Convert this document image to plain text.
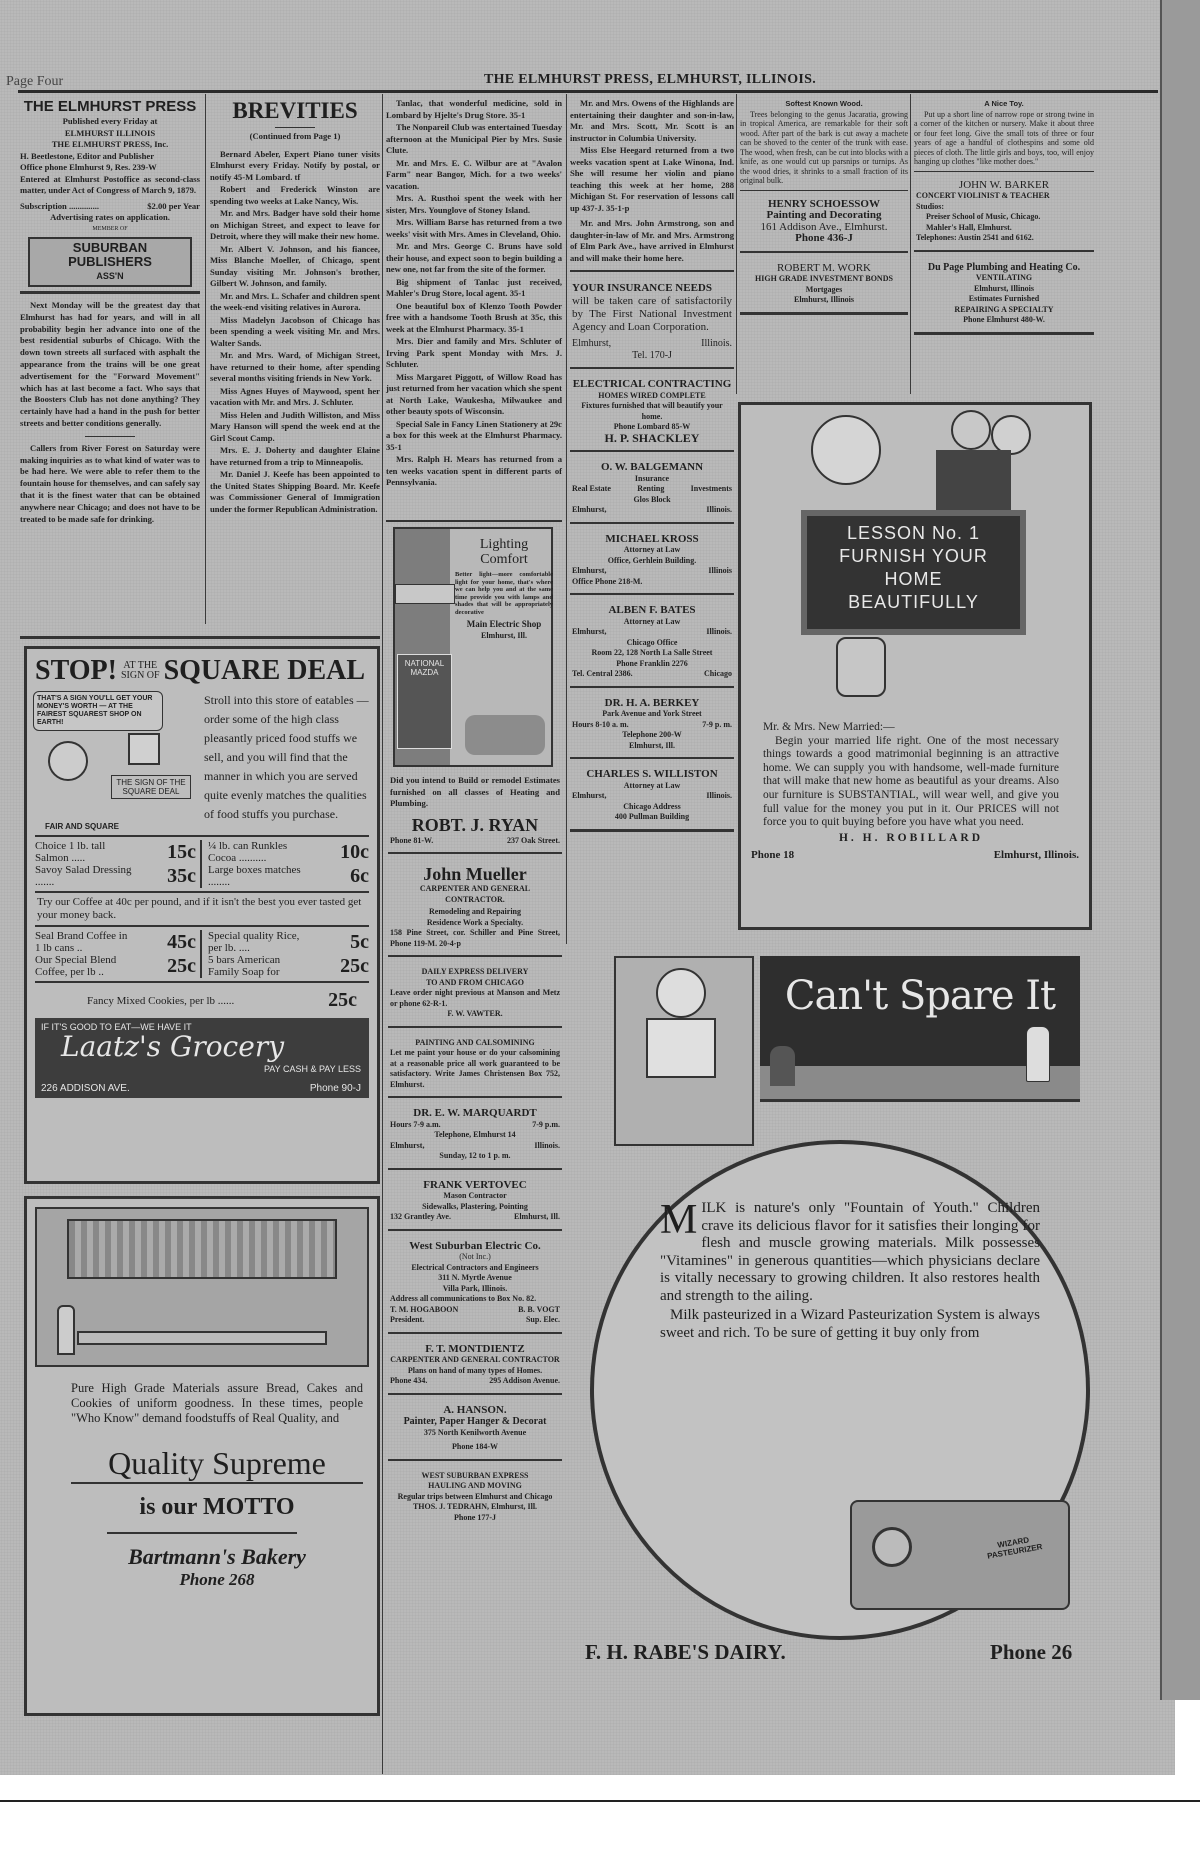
Page Four	THE ELMHURST PRESS, ELMHURST, ILLINOIS.
THE ELMHURST PRESS
Published every Friday at
ELMHURST ILLINOIS
THE ELMHURST PRESS, Inc.
H. Beetlestone, Editor and Publisher
Office phone Elmhurst 9, Res. 239-W
Entered at Elmhurst Postoffice as second-class matter, under Act of Congress of March 9, 1879.
Subscription ..............	$2.00 per Year
Advertising rates on application.
MEMBER OF
SUBURBAN
PUBLISHERS
ASS'N

Next Monday will be the greatest day that Elmhurst has had for years, and will in all probability begin her advance into one of the best residential suburbs of Chicago. With the down town streets all surfaced with asphalt the appearance from the trains will be one great advertisement for the "Forward Movement" which has at last become a fact. Who says that the Boosters Club has not done anything? They certainly have had a hand in the push for better streets and better conditions generally.

Callers from River Forest on Saturday were making inquiries as to what kind of water was to be had here. We were able to refer them to the fountain house for themselves, and can safely say that it is the finest water that can be obtained anywhere near Chicago; and does not have to be treated to be made safe for drinking.

BREVITIES
(Continued from Page 1)

Bernard Abeler, Expert Piano tuner visits Elmhurst every Friday. Notify by postal, or notify 45-M Lombard. tf

Robert and Frederick Winston are spending two weeks at Lake Nancy, Wis.

Mr. and Mrs. Badger have sold their home on Michigan Street, and expect to leave for Detroit, where they will make their new home.

Mr. Albert V. Johnson, and his fiancee, Miss Blanche Moeller, of Chicago, spent Sunday visiting Mr. Johnson's brother, Gilbert W. Johnson, and family.

Mr. and Mrs. L. Schafer and children spent the week-end visiting relatives in Aurora.

Miss Madelyn Jacobson of Chicago has been spending a week visiting Mr. and Mrs. Walter Sands.

Mr. and Mrs. Ward, of Michigan Street, have returned to their home, after spending several months visiting friends in New York.

Miss Agnes Huyes of Maywood, spent her vacation with Mr. and Mrs. J. Schluter.

Miss Helen and Judith Williston, and Miss Mary Hanson will spend the week end at the Girl Scout Camp.

Mrs. E. J. Doherty and daughter Elaine have returned from a trip to Minneapolis.

Mr. Daniel J. Keefe has been appointed to the United States Shipping Board. Mr. Keefe was Commissioner General of Immigration under the former Republican Administration.

STOP! AT THE
SIGN OF SQUARE DEAL
THAT'S A SIGN YOU'LL GET YOUR MONEY'S WORTH — AT THE FAIREST SQUAREST SHOP ON EARTH!
THE SIGN OF THE SQUARE DEAL
FAIR AND SQUARE
Stroll into this store of eatables — order some of the high class pleasantly priced food stuffs we sell, and you will find that the manner in which you are served quite evenly matches the qualities of food stuffs you purchase.
Choice 1 lb. tall Salmon .....	15c ¼ lb. can Runkles Cocoa ..........	10c
Savoy Salad Dressing .......	35c Large boxes matches ........	6c
Try our Coffee at 40c per pound, and if it isn't the best you ever tasted get your money back.
Seal Brand Coffee in 1 lb cans ..	45c Special quality Rice, per lb. ....	5c
Our Special Blend Coffee, per lb ..	25c 5 bars American Family Soap for	25c
Fancy Mixed Cookies, per lb ......	25c
IF IT'S GOOD TO EAT—WE HAVE IT
Laatz's Grocery
PAY CASH & PAY LESS
226 ADDISON AVE.	Phone 90-J
Pure High Grade Materials assure Bread, Cakes and Cookies of uniform goodness. In these times, people "Who Know" demand foodstuffs of Real Quality, and
Quality Supreme
is our MOTTO
Bartmann's Bakery
Phone 268

Tanlac, that wonderful medicine, sold in Lombard by Hjelte's Drug Store. 35-1

The Nonpareil Club was entertained Tuesday afternoon at the Municipal Pier by Mrs. Susie Clute.

Mr. and Mrs. E. C. Wilbur are at "Avalon Farm" near Bangor, Mich. for a two weeks' vacation.

Mrs. A. Rusthoi spent the week with her sister, Mrs. Younglove of Stoney Island.

Mrs. William Barse has returned from a two weeks' visit with Mrs. Ames in Cleveland, Ohio.

Mr. and Mrs. George C. Bruns have sold their house, and expect soon to begin building a new one, not far from the site of the former.

Big shipment of Tanlac just received, Mahler's Drug Store, local agent. 35-1

One beautiful box of Klenzo Tooth Powder free with a handsome Tooth Brush at 35c, this week at the Elmhurst Pharmacy. 35-1

Mrs. Dier and family and Mrs. Schluter of Irving Park spent Monday with Mrs. J. Schluter.

Miss Margaret Piggott, of Willow Road has just returned from her vacation which she spent at North Lake, Waukesha, Milwaukee and other beauty spots of Wisconsin.

Special Sale in Fancy Linen Stationery at 29c a box for this week at the Elmhurst Pharmacy. 35-1

Mrs. Ralph H. Mears has returned from a ten weeks vacation spent in different parts of Pennsylvania.

NATIONAL MAZDA
Lighting
Comfort
Better light—more comfortable light for your home, that's where we can help you and at the same time provide you with lamps and shades that will be appropriately decorative
Main Electric Shop
Elmhurst, Ill.
Did you intend to Build or remodel Estimates furnished on all classes of Heating and Plumbing.
ROBT. J. RYAN
Phone 81-W.	237 Oak Street.
John Mueller
CARPENTER AND GENERAL CONTRACTOR.
Remodeling and Repairing
Residence Work a Specialty.
158 Pine Street, cor. Schiller and Pine Street, Phone 119-M. 20-4-p
DAILY EXPRESS DELIVERY
TO AND FROM CHICAGO
Leave order night previous at Manson and Metz or phone 62-R-1.
F. W. VAWTER.
PAINTING AND CALSOMINING
Let me paint your house or do your calsomining at a reasonable price all work guaranteed to be satisfactory. Write James Christensen Box 752, Elmhurst.
DR. E. W. MARQUARDT
Hours 7-9 a.m.	7-9 p.m.
Telephone, Elmhurst 14
Elmhurst,	Illinois.
Sunday, 12 to 1 p. m.
FRANK VERTOVEC
Mason Contractor
Sidewalks, Plastering, Pointing
132 Grantley Ave.	Elmhurst, Ill.
West Suburban Electric Co.
(Not Inc.)
Electrical Contractors and Engineers
311 N. Myrtle Avenue
Villa Park, Illinois.
Address all communications to Box No. 82.
T. M. HOGABOON	B. B. VOGT
President.	Sup. Elec.
F. T. MONTDIENTZ
CARPENTER AND GENERAL CONTRACTOR
Plans on hand of many types of Homes.
Phone 434.	295 Addison Avenue.
A. HANSON.
Painter, Paper Hanger & Decorat
375 North Kenilworth Avenue
Phone 184-W
WEST SUBURBAN EXPRESS
HAULING AND MOVING
Regular trips between Elmhurst and Chicago
THOS. J. TEDRAHN, Elmhurst, Ill.
Phone 177-J

Mr. and Mrs. Owens of the Highlands are entertaining their daughter and son-in-law, Mr. and Mrs. Scott, Mr. Scott is an instructor in Columbia University.

Miss Else Heegard returned from a two weeks vacation spent at Lake Winona, Ind. She will resume her violin and piano teaching this week at her home, 288 Michigan St. For reservation of lessons call up 437-J. 35-1-p

Mr. and Mrs. John Armstrong, son and daughter-in-law of Mr. and Mrs. Armstrong of Elm Park Ave., have arrived in Elmhurst and will make their home here.

YOUR INSURANCE NEEDS
will be taken care of satisfactorily by The First National Investment Agency and Loan Corporation.
Elmhurst,	Illinois.
Tel. 170-J
ELECTRICAL CONTRACTING
HOMES WIRED COMPLETE
Fixtures furnished that will beautify your home.
Phone Lombard 85-W
H. P. SHACKLEY
O. W. BALGEMANN
Insurance
Real Estate	Renting	Investments
Glos Block
Elmhurst,	Illinois.
MICHAEL KROSS
Attorney at Law
Office, Gerhlein Building.
Elmhurst,	Illinois
Office Phone 218-M.
ALBEN F. BATES
Attorney at Law
Elmhurst,	Illinois.
Chicago Office
Room 22, 128 North La Salle Street
Phone Franklin 2276
Tel. Central 2386.	Chicago
DR. H. A. BERKEY
Park Avenue and York Street
Hours 8-10 a. m.	7-9 p. m.
Telephone 200-W
Elmhurst, Ill.
CHARLES S. WILLISTON
Attorney at Law
Elmhurst,	Illinois.
Chicago Address
400 Pullman Building
Softest Known Wood.

Trees belonging to the genus Jacaratia, growing in tropical America, are remarkable for their soft wood. After part of the bark is cut away a machete can be shoved to the center of the trunk with ease. The wood, when fresh, can be cut into blocks with a knife, as one would cut up parsnips or turnips. As the wood dries, it shrinks to a small fraction of its original bulk.

HENRY SCHOESSOW
Painting and Decorating
161 Addison Ave., Elmhurst.
Phone 436-J
ROBERT M. WORK
HIGH GRADE INVESTMENT BONDS
Mortgages
Elmhurst, Illinois
A Nice Toy.

Put up a short line of narrow rope or strong twine in a corner of the kitchen or nursery. Make it about three or four feet long. Give the small tots of three or four years of age a handful of clothespins and some old pieces of cloth. The little girls and boys, too, will enjoy hanging up clothes "like mother does."

JOHN W. BARKER
CONCERT VIOLINIST & TEACHER
Studios:
Preiser School of Music, Chicago.
Mahler's Hall, Elmhurst.
Telephones: Austin 2541 and 6162.
Du Page Plumbing and Heating Co.
VENTILATING
Elmhurst, Illinois
Estimates Furnished
REPAIRING A SPECIALTY
Phone Elmhurst 480-W.
LESSON No. 1
FURNISH YOUR
HOME
BEAUTIFULLY
Mr. & Mrs. New Married:—

Begin your married life right. One of the most necessary things towards a good matrimonial beginning is an attractive home. We can supply you with handsome, well-made furniture that will make that new home as beautiful as your dreams. Also our furniture is SUBSTANTIAL, will wear well, and give you full value for the money you put in it. Our PRICES will not force you to quit buying before you have what you need.

H. H. ROBILLARD
Phone 18	Elmhurst, Illinois.
Can't Spare It
M ILK is nature's only "Fountain of Youth." Children crave its delicious flavor for it satisfies their longing for flesh and muscle growing materials. Milk possesses "Vitamines" in generous quantities—which physicians declare is vitally necessary to growing children. It also restores health and strength to the ailing.
Milk pasteurized in a Wizard Pasteurization System is always sweet and rich. To be sure of getting it buy only from
WIZARD PASTEURIZER
F. H. RABE'S DAIRY.	Phone 26
